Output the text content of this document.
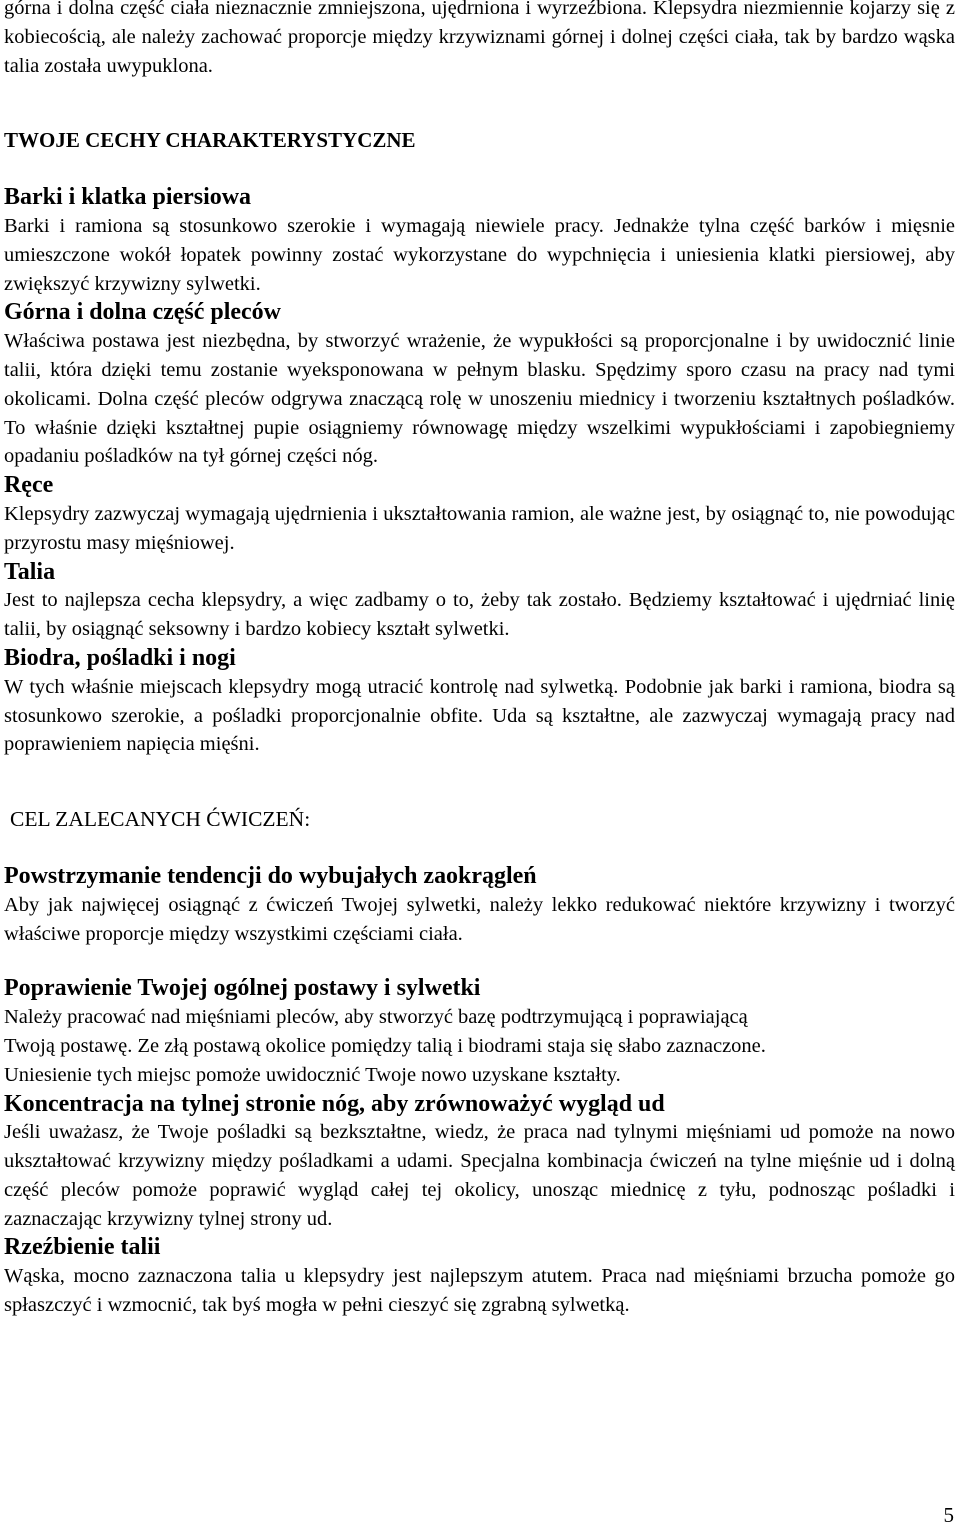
górna i dolna część ciała nieznacznie zmniejszona, ujędrniona i wyrzeźbiona. Klepsydra niezmiennie kojarzy się z kobiecością, ale należy zachować proporcje między krzywiznami górnej i dolnej części ciała, tak by bardzo wąska talia została uwypuklona.

TWOJE CECHY CHARAKTERYSTYCZNE
Barki i klatka piersiowa

Barki i ramiona są stosunkowo szerokie i wymagają niewiele pracy. Jednakże tylna część barków i mięsnie umieszczone wokół łopatek powinny zostać wykorzystane do wypchnięcia i uniesienia klatki piersiowej, aby zwiększyć krzywizny sylwetki.

Górna i dolna część pleców

Właściwa postawa jest niezbędna, by stworzyć wrażenie, że wypukłości są proporcjonalne i by uwidocznić linie talii, która dzięki temu zostanie wyeksponowana w pełnym blasku. Spędzimy sporo czasu na pracy nad tymi okolicami. Dolna część pleców odgrywa znaczącą rolę w unoszeniu miednicy i tworzeniu kształtnych pośladków. To właśnie dzięki kształtnej pupie osiągniemy równowagę między wszelkimi wypukłościami i zapobiegniemy opadaniu pośladków na tył górnej części nóg.

Ręce

Klepsydry zazwyczaj wymagają ujędrnienia i ukształtowania ramion, ale ważne jest, by osiągnąć to, nie powodując przyrostu masy mięśniowej.

Talia

Jest to najlepsza cecha klepsydry, a więc zadbamy o to, żeby tak zostało. Będziemy kształtować i ujędrniać linię talii, by osiągnąć seksowny i bardzo kobiecy kształt sylwetki.

Biodra, pośladki i nogi

W tych właśnie miejscach klepsydry mogą utracić kontrolę nad sylwetką. Podobnie jak barki i ramiona, biodra są stosunkowo szerokie, a pośladki proporcjonalnie obfite. Uda są kształtne, ale zazwyczaj wymagają pracy nad poprawieniem napięcia mięśni.

CEL ZALECANYCH ĆWICZEŃ:
Powstrzymanie tendencji do wybujałych zaokrągleń

Aby jak najwięcej osiągnąć z ćwiczeń Twojej sylwetki, należy lekko redukować niektóre krzywizny i tworzyć właściwe proporcje między wszystkimi częściami ciała.

Poprawienie Twojej ogólnej postawy i sylwetki

Należy pracować nad mięśniami pleców, aby stworzyć bazę podtrzymującą i poprawiającą

Twoją postawę. Ze złą postawą okolice pomiędzy talią i biodrami staja się słabo zaznaczone.

Uniesienie tych miejsc pomoże uwidocznić Twoje nowo uzyskane kształty.

Koncentracja na tylnej stronie nóg, aby zrównoważyć wygląd ud

Jeśli uważasz, że Twoje pośladki są bezkształtne, wiedz, że praca nad tylnymi mięśniami ud pomoże na nowo ukształtować krzywizny między pośladkami a udami. Specjalna kombinacja ćwiczeń na tylne mięśnie ud i dolną część pleców pomoże poprawić wygląd całej tej okolicy, unosząc miednicę z tyłu, podnosząc pośladki i zaznaczając krzywizny tylnej strony ud.

Rzeźbienie talii

Wąska, mocno zaznaczona talia u klepsydry jest najlepszym atutem. Praca nad mięśniami brzucha pomoże go spłaszczyć i wzmocnić, tak byś mogła w pełni cieszyć się zgrabną sylwetką.

5
